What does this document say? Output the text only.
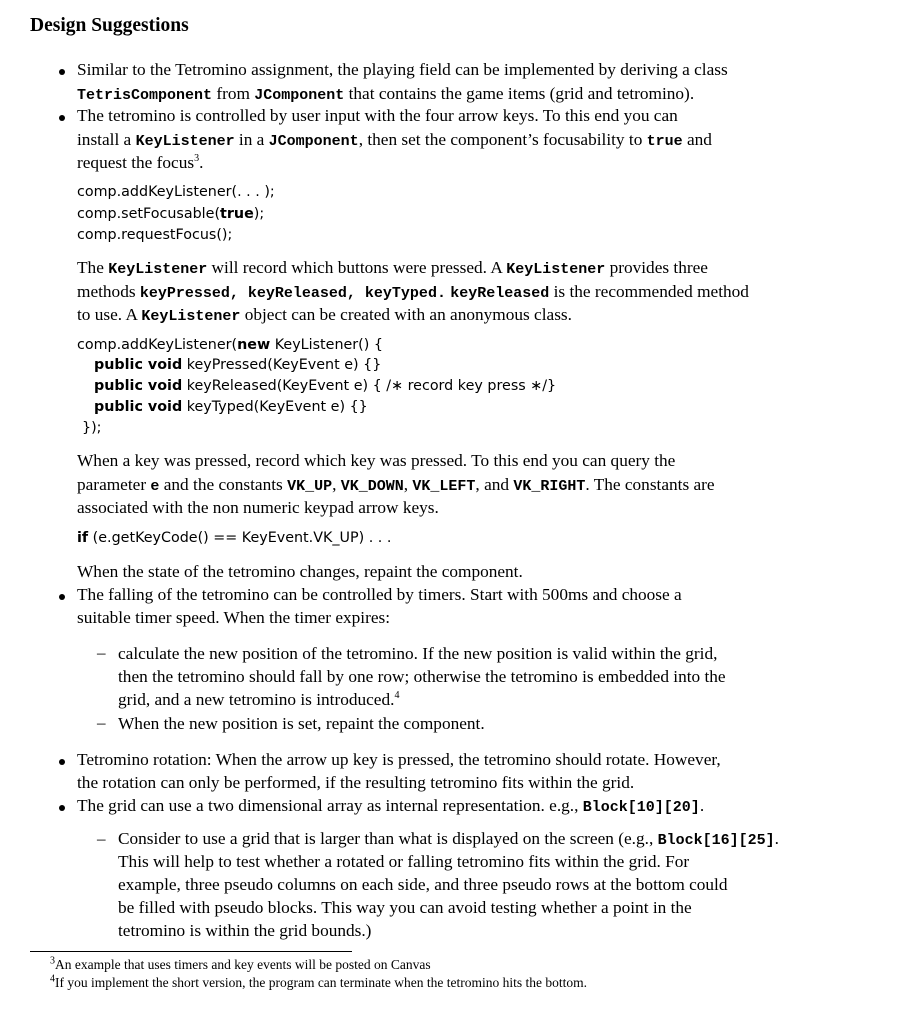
Design Suggestions
Similar to the Tetromino assignment, the playing field can be implemented by deriving a class
TetrisComponent from JComponent that contains the game items (grid and tetromino).
The tetromino is controlled by user input with the four arrow keys. To this end you can
install a KeyListener in a JComponent, then set the component’s focusability to true and
request the focus$^3$.
comp.addKeyListener(. . . );
comp.setFocusable(true);
comp.requestFocus();
The KeyListener will record which buttons were pressed. A KeyListener provides three
methods keyPressed, keyReleased, keyTyped. keyReleased is the recommended method
to use. A KeyListener object can be created with an anonymous class.
comp.addKeyListener(new KeyListener() {
public void keyPressed(KeyEvent e) {}
public void keyReleased(KeyEvent e) { /∗ record key press ∗/}
public void keyTyped(KeyEvent e) {}
});
When a key was pressed, record which key was pressed. To this end you can query the
parameter e and the constants VK_UP, VK_DOWN, VK_LEFT, and VK_RIGHT. The constants are
associated with the non numeric keypad arrow keys.
if (e.getKeyCode() == KeyEvent.VK_UP) . . .
When the state of the tetromino changes, repaint the component.
The falling of the tetromino can be controlled by timers. Start with 500ms and choose a
suitable timer speed. When the timer expires:
– calculate the new position of the tetromino. If the new position is valid within the grid,
then the tetromino should fall by one row; otherwise the tetromino is embedded into the
grid, and a new tetromino is introduced.$^4$
– When the new position is set, repaint the component.
Tetromino rotation: When the arrow up key is pressed, the tetromino should rotate. However,
the rotation can only be performed, if the resulting tetromino fits within the grid.
The grid can use a two dimensional array as internal representation. e.g., Block[10][20].
– Consider to use a grid that is larger than what is displayed on the screen (e.g., Block[16][25].
This will help to test whether a rotated or falling tetromino fits within the grid. For
example, three pseudo columns on each side, and three pseudo rows at the bottom could
be filled with pseudo blocks. This way you can avoid testing whether a point in the
tetromino is within the grid bounds.)
$^3$An example that uses timers and key events will be posted on Canvas
$^4$If you implement the short version, the program can terminate when the tetromino hits the bottom.
